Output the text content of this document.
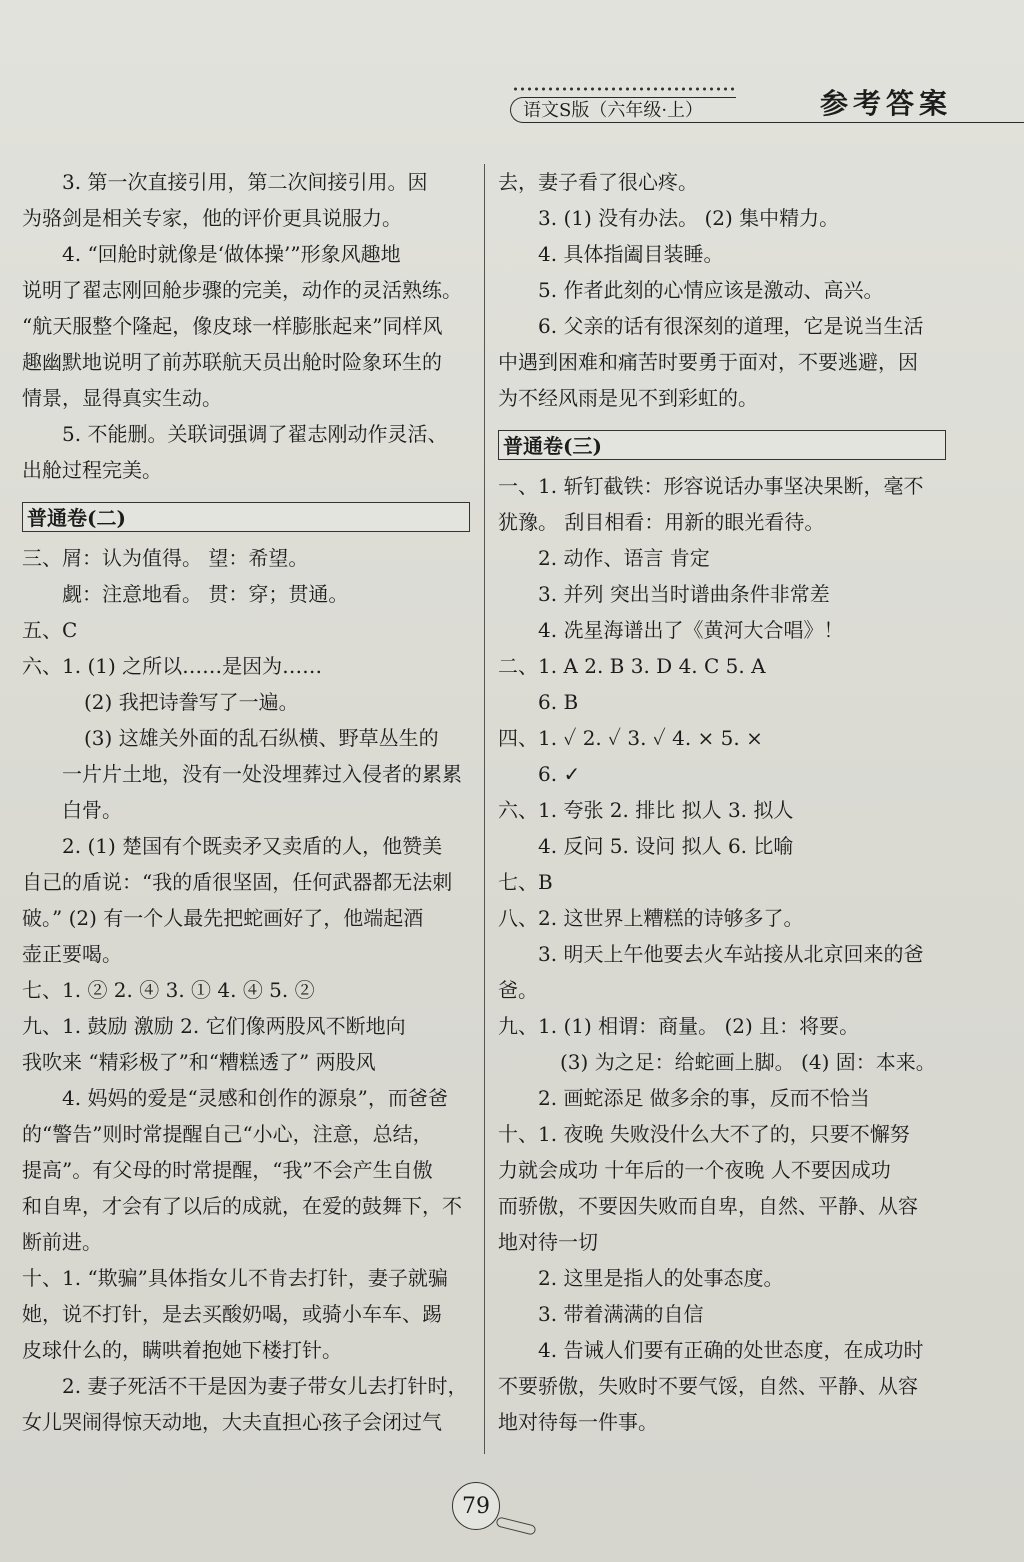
语文S版（六年级·上）	参考答案
3. 第一次直接引用，第二次间接引用。因
为骆剑是相关专家，他的评价更具说服力。
4. “回舱时就像是‘做体操’”形象风趣地
说明了翟志刚回舱步骤的完美，动作的灵活熟练。
“航天服整个隆起，像皮球一样膨胀起来”同样风
趣幽默地说明了前苏联航天员出舱时险象环生的
情景，显得真实生动。
5. 不能删。关联词强调了翟志刚动作灵活、
出舱过程完美。
普通卷(二)
三、屑：认为值得。 望：希望。
觑：注意地看。 贯：穿；贯通。
五、C
六、1. (1) 之所以……是因为……
(2) 我把诗誊写了一遍。
(3) 这雄关外面的乱石纵横、野草丛生的
一片片土地，没有一处没埋葬过入侵者的累累
白骨。
2. (1) 楚国有个既卖矛又卖盾的人，他赞美
自己的盾说：“我的盾很坚固，任何武器都无法刺
破。” (2) 有一个人最先把蛇画好了，他端起酒
壶正要喝。
七、1. ② 2. ④ 3. ① 4. ④ 5. ②
九、1. 鼓励 激励 2. 它们像两股风不断地向
我吹来 “精彩极了”和“糟糕透了” 两股风
4. 妈妈的爱是“灵感和创作的源泉”，而爸爸
的“警告”则时常提醒自己“小心，注意，总结，
提高”。有父母的时常提醒，“我”不会产生自傲
和自卑，才会有了以后的成就，在爱的鼓舞下，不
断前进。
十、1. “欺骗”具体指女儿不肯去打针，妻子就骗
她，说不打针，是去买酸奶喝，或骑小车车、踢
皮球什么的，瞒哄着抱她下楼打针。
2. 妻子死活不干是因为妻子带女儿去打针时，
女儿哭闹得惊天动地，大夫直担心孩子会闭过气
去，妻子看了很心疼。
3. (1) 没有办法。 (2) 集中精力。
4. 具体指阖目装睡。
5. 作者此刻的心情应该是激动、高兴。
6. 父亲的话有很深刻的道理，它是说当生活
中遇到困难和痛苦时要勇于面对，不要逃避，因
为不经风雨是见不到彩虹的。
普通卷(三)
一、1. 斩钉截铁：形容说话办事坚决果断，毫不
犹豫。 刮目相看：用新的眼光看待。
2. 动作、语言 肯定
3. 并列 突出当时谱曲条件非常差
4. 冼星海谱出了《黄河大合唱》！
二、1. A 2. B 3. D 4. C 5. A
6. B
四、1. ✓ 2. ✓ 3. ✓ 4. × 5. ×
6. ✓
六、1. 夸张 2. 排比 拟人 3. 拟人
4. 反问 5. 设问 拟人 6. 比喻
七、B
八、2. 这世界上糟糕的诗够多了。
3. 明天上午他要去火车站接从北京回来的爸
爸。
九、1. (1) 相谓：商量。 (2) 且：将要。
(3) 为之足：给蛇画上脚。 (4) 固：本来。
2. 画蛇添足 做多余的事，反而不恰当
十、1. 夜晚 失败没什么大不了的，只要不懈努
力就会成功 十年后的一个夜晚 人不要因成功
而骄傲，不要因失败而自卑，自然、平静、从容
地对待一切
2. 这里是指人的处事态度。
3. 带着满满的自信
4. 告诫人们要有正确的处世态度，在成功时
不要骄傲，失败时不要气馁，自然、平静、从容
地对待每一件事。
79
